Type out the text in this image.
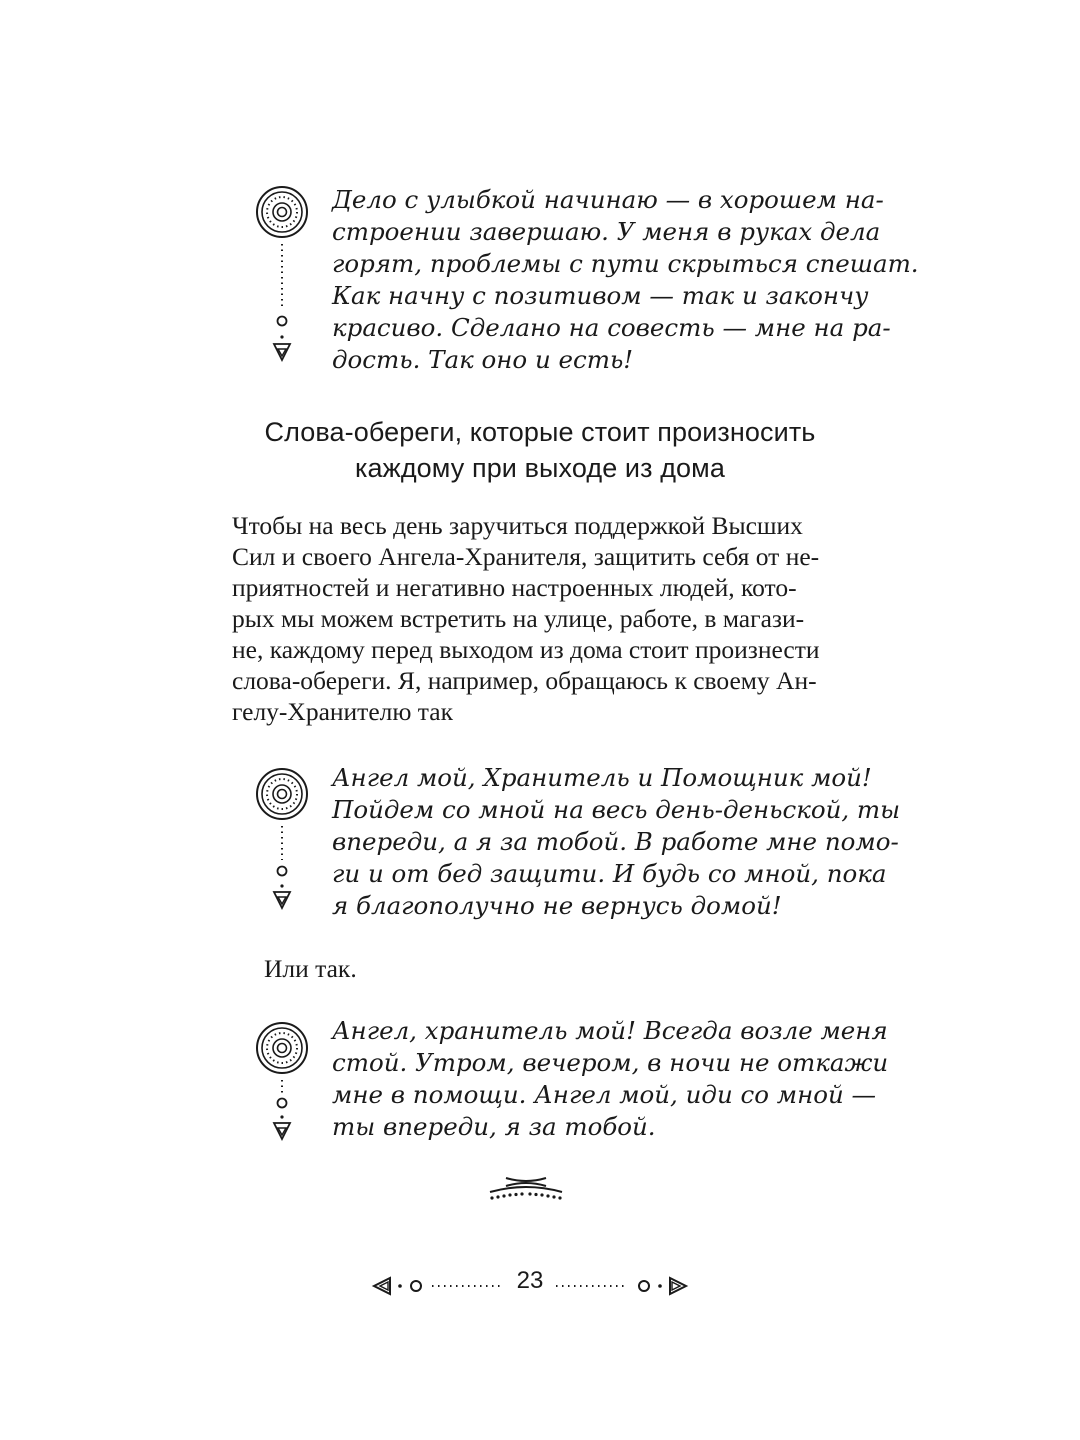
Дело с улыбкой начинаю — в хорошем на-
строении завершаю. У меня в руках дела
горят, проблемы с пути скрыться спешат.
Как начну с позитивом — так и закончу
красиво. Сделано на совесть — мне на ра-
дость. Так оно и есть!
Слова-обереги, которые стоит произносить
каждому при выходе из дома
Чтобы на весь день заручиться поддержкой Высших
Сил и своего Ангела-Хранителя, защитить себя от не-
приятностей и негативно настроенных людей, кото-
рых мы можем встретить на улице, работе, в магази-
не, каждому перед выходом из дома стоит произнести
слова-обереги. Я, например, обращаюсь к своему Ан-
гелу-Хранителю так
Ангел мой, Хранитель и Помощник мой!
Пойдем со мной на весь день-деньской, ты
впереди, а я за тобой. В работе мне помо-
ги и от бед защити. И будь со мной, пока
я благополучно не вернусь домой!
Или так.
Ангел, хранитель мой! Всегда возле меня
стой. Утром, вечером, в ночи не откажи
мне в помощи. Ангел мой, иди со мной —
ты впереди, я за тобой.
23
